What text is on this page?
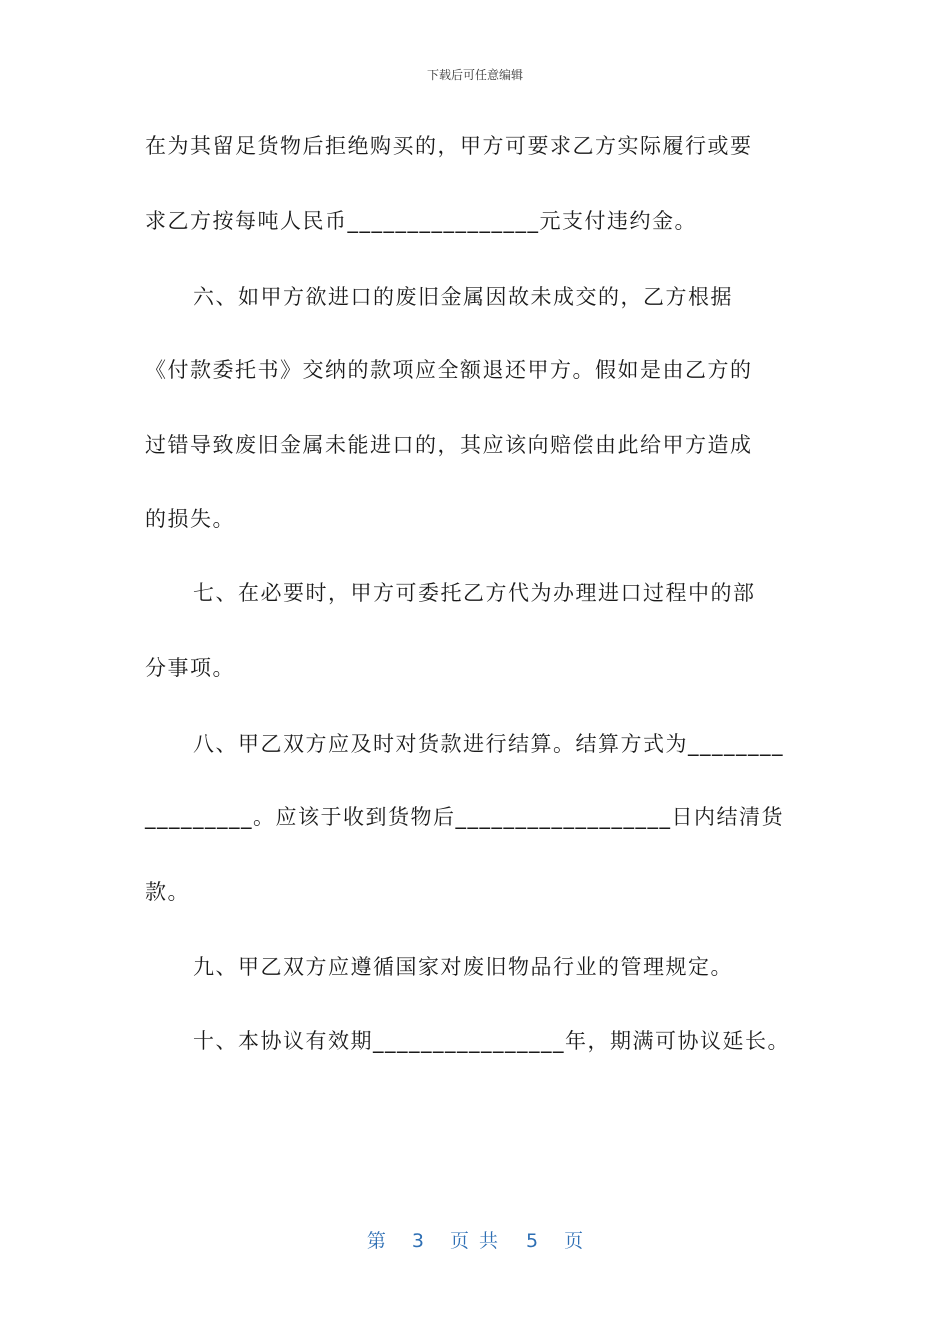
下载后可任意编辑
在为其留足货物后拒绝购买的，甲方可要求乙方实际履行或要
求乙方按每吨人民币________________元支付违约金。
六、如甲方欲进口的废旧金属因故未成交的，乙方根据
《付款委托书》交纳的款项应全额退还甲方。假如是由乙方的
过错导致废旧金属未能进口的，其应该向赔偿由此给甲方造成
的损失。
七、在必要时，甲方可委托乙方代为办理进口过程中的部
分事项。
八、甲乙双方应及时对货款进行结算。结算方式为________
_________。应该于收到货物后__________________日内结清货
款。
九、甲乙双方应遵循国家对废旧物品行业的管理规定。
十、本协议有效期________________年，期满可协议延长。
第 3 页共 5 页
